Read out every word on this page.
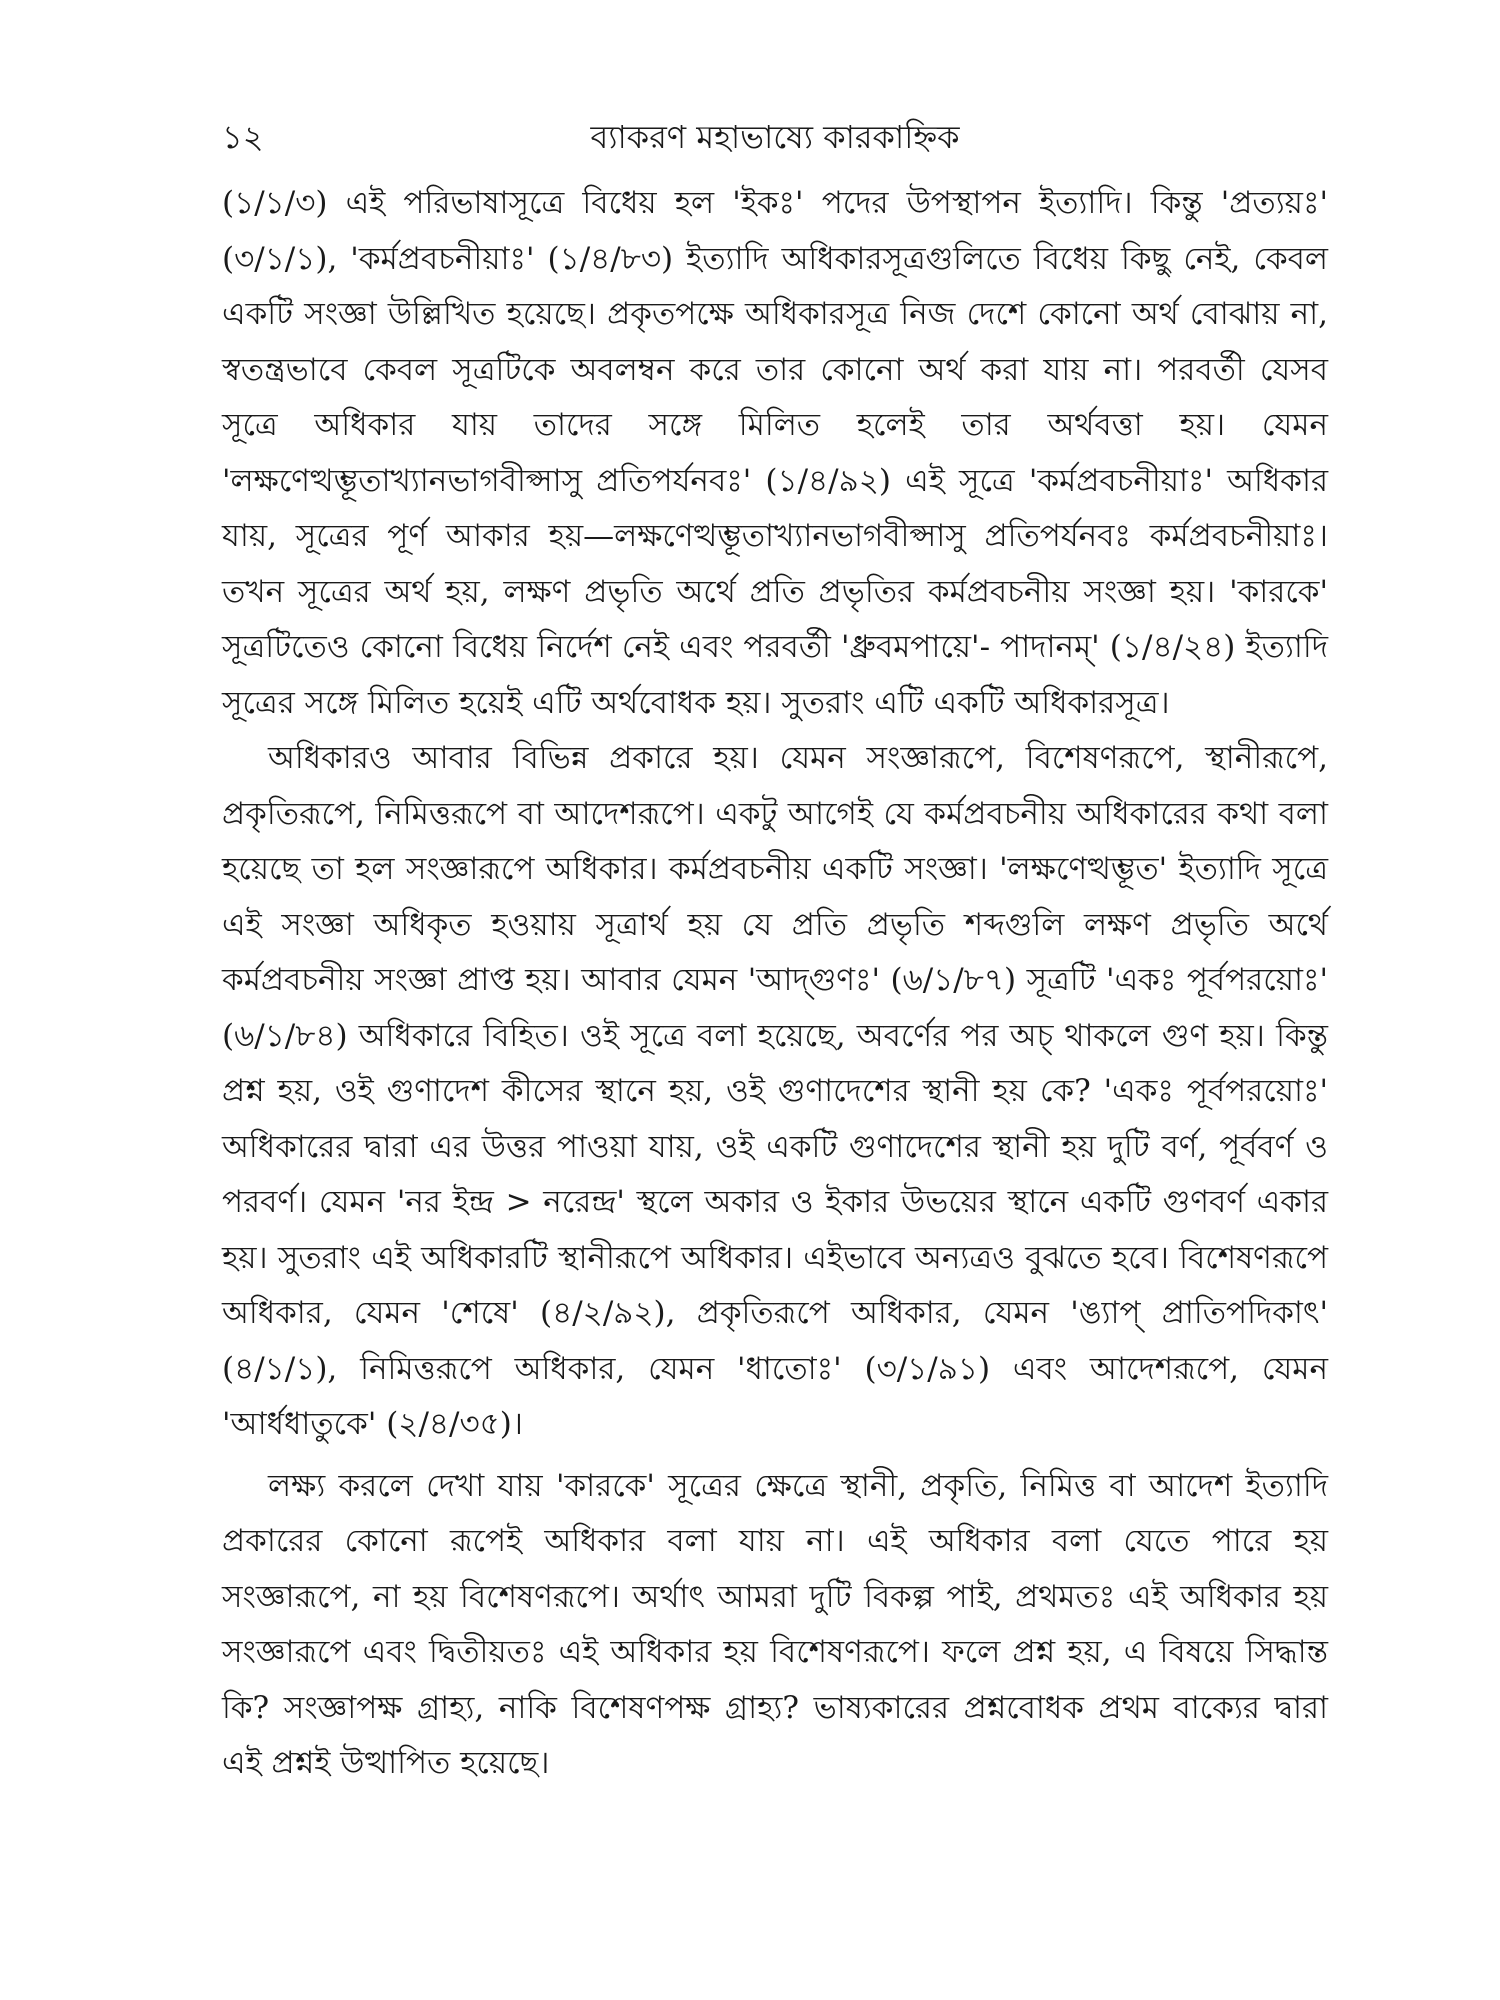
১২	ব্যাকরণ মহাভাষ্যে কারকাহ্নিক

(১/১/৩) এই পরিভাষাসূত্রে বিধেয় হল 'ইকঃ' পদের উপস্থাপন ইত্যাদি। কিন্তু 'প্রত্যয়ঃ' (৩/১/১), 'কর্মপ্রবচনীয়াঃ' (১/৪/৮৩) ইত্যাদি অধিকারসূত্রগুলিতে বিধেয় কিছু নেই, কেবল একটি সংজ্ঞা উল্লিখিত হয়েছে। প্রকৃতপক্ষে অধিকারসূত্র নিজ দেশে কোনো অর্থ বোঝায় না, স্বতন্ত্রভাবে কেবল সূত্রটিকে অবলম্বন করে তার কোনো অর্থ করা যায় না। পরবর্তী যেসব সূত্রে অধিকার যায় তাদের সঙ্গে মিলিত হলেই তার অর্থবত্তা হয়। যেমন 'লক্ষণেত্থম্ভূতাখ্যানভাগবীপ্সাসু প্রতিপর্যনবঃ' (১/৪/৯২) এই সূত্রে 'কর্মপ্রবচনীয়াঃ' অধিকার যায়, সূত্রের পূর্ণ আকার হয়—লক্ষণেত্থম্ভূতাখ্যানভাগবীপ্সাসু প্রতিপর্যনবঃ কর্মপ্রবচনীয়াঃ। তখন সূত্রের অর্থ হয়, লক্ষণ প্রভৃতি অর্থে প্রতি প্রভৃতির কর্মপ্রবচনীয় সংজ্ঞা হয়। 'কারকে' সূত্রটিতেও কোনো বিধেয় নির্দেশ নেই এবং পরবর্তী 'ধ্রুবমপায়ে'- পাদানম্' (১/৪/২৪) ইত্যাদি সূত্রের সঙ্গে মিলিত হয়েই এটি অর্থবোধক হয়। সুতরাং এটি একটি অধিকারসূত্র।

অধিকারও আবার বিভিন্ন প্রকারে হয়। যেমন সংজ্ঞারূপে, বিশেষণরূপে, স্থানীরূপে, প্রকৃতিরূপে, নিমিত্তরূপে বা আদেশরূপে। একটু আগেই যে কর্মপ্রবচনীয় অধিকারের কথা বলা হয়েছে তা হল সংজ্ঞারূপে অধিকার। কর্মপ্রবচনীয় একটি সংজ্ঞা। 'লক্ষণেত্থম্ভূত' ইত্যাদি সূত্রে এই সংজ্ঞা অধিকৃত হওয়ায় সূত্রার্থ হয় যে প্রতি প্রভৃতি শব্দগুলি লক্ষণ প্রভৃতি অর্থে কর্মপ্রবচনীয় সংজ্ঞা প্রাপ্ত হয়। আবার যেমন 'আদ্‌গুণঃ' (৬/১/৮৭) সূত্রটি 'একঃ পূর্বপরয়োঃ' (৬/১/৮৪) অধিকারে বিহিত। ওই সূত্রে বলা হয়েছে, অবর্ণের পর অচ্‌ থাকলে গুণ হয়। কিন্তু প্রশ্ন হয়, ওই গুণাদেশ কীসের স্থানে হয়, ওই গুণাদেশের স্থানী হয় কে? 'একঃ পূর্বপরয়োঃ' অধিকারের দ্বারা এর উত্তর পাওয়া যায়, ওই একটি গুণাদেশের স্থানী হয় দুটি বর্ণ, পূর্ববর্ণ ও পরবর্ণ। যেমন 'নর ইন্দ্র > নরেন্দ্র' স্থলে অকার ও ইকার উভয়ের স্থানে একটি গুণবর্ণ একার হয়। সুতরাং এই অধিকারটি স্থানীরূপে অধিকার। এইভাবে অন্যত্রও বুঝতে হবে। বিশেষণরূপে অধিকার, যেমন 'শেষে' (৪/২/৯২), প্রকৃতিরূপে অধিকার, যেমন 'ঙ্যাপ্‌ প্রাতিপদিকাৎ' (৪/১/১), নিমিত্তরূপে অধিকার, যেমন 'ধাতোঃ' (৩/১/৯১) এবং আদেশরূপে, যেমন 'আর্ধধাতুকে' (২/৪/৩৫)।

লক্ষ্য করলে দেখা যায় 'কারকে' সূত্রের ক্ষেত্রে স্থানী, প্রকৃতি, নিমিত্ত বা আদেশ ইত্যাদি প্রকারের কোনো রূপেই অধিকার বলা যায় না। এই অধিকার বলা যেতে পারে হয় সংজ্ঞারূপে, না হয় বিশেষণরূপে। অর্থাৎ আমরা দুটি বিকল্প পাই, প্রথমতঃ এই অধিকার হয় সংজ্ঞারূপে এবং দ্বিতীয়তঃ এই অধিকার হয় বিশেষণরূপে। ফলে প্রশ্ন হয়, এ বিষয়ে সিদ্ধান্ত কি? সংজ্ঞাপক্ষ গ্রাহ্য, নাকি বিশেষণপক্ষ গ্রাহ্য? ভাষ্যকারের প্রশ্নবোধক প্রথম বাক্যের দ্বারা এই প্রশ্নই উত্থাপিত হয়েছে।
